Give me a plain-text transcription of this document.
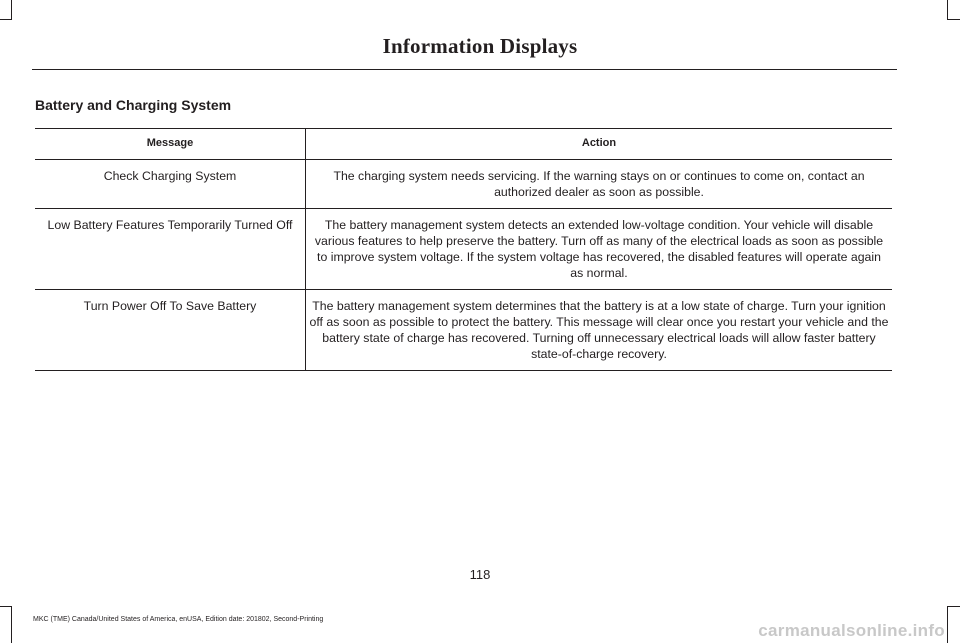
Information Displays
Battery and Charging System
Message	Action
Check Charging System	The charging system needs servicing. If the warning stays on or continues to come on, contact an authorized dealer as soon as possible.
Low Battery Features Temporarily Turned Off	The battery management system detects an extended low-voltage condition. Your vehicle will disable various features to help preserve the battery. Turn off as many of the electrical loads as soon as possible to improve system voltage. If the system voltage has recovered, the disabled features will operate again as normal.
Turn Power Off To Save Battery	The battery management system determines that the battery is at a low state of charge. Turn your ignition off as soon as possible to protect the battery. This message will clear once you restart your vehicle and the battery state of charge has recovered. Turning off unnecessary electrical loads will allow faster battery state-of-charge recovery.
118
MKC (TME) Canada/United States of America, enUSA, Edition date: 201802, Second-Printing
carmanualsonline.info
